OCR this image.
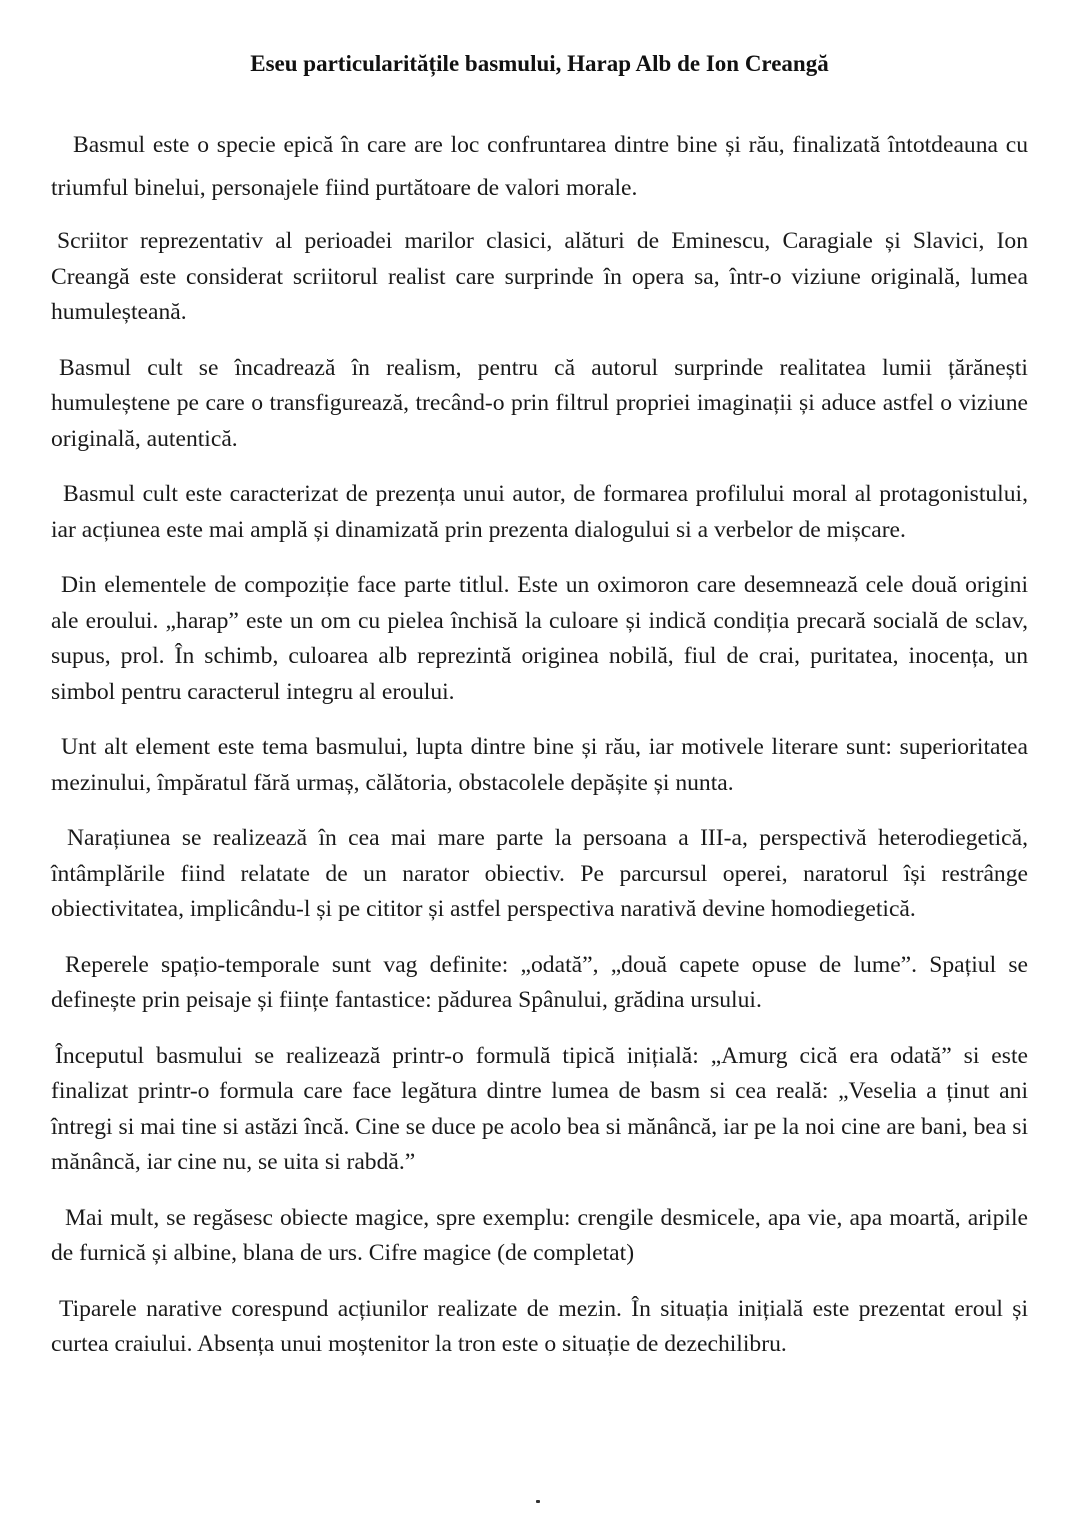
Eseu particularitățile basmului, Harap Alb de Ion Creangă

Basmul este o specie epică în care are loc confruntarea dintre bine și rău, finalizată întotdeauna cu triumful binelui, personajele fiind purtătoare de valori morale.

Scriitor reprezentativ al perioadei marilor clasici, alături de Eminescu, Caragiale și Slavici, Ion Creangă este considerat scriitorul realist care surprinde în opera sa, într-o viziune originală, lumea humuleșteană.

Basmul cult se încadrează în realism, pentru că autorul surprinde realitatea lumii țărănești humuleștene pe care o transfigurează, trecând-o prin filtrul propriei imaginații și aduce astfel o viziune originală, autentică.

Basmul cult este caracterizat de prezența unui autor, de formarea profilului moral al protagonistului, iar acțiunea este mai amplă și dinamizată prin prezenta dialogului si a verbelor de mișcare.

Din elementele de compoziție face parte titlul. Este un oximoron care desemnează cele două origini ale eroului. „harap” este un om cu pielea închisă la culoare și indică condiția precară socială de sclav, supus, prol. În schimb, culoarea alb reprezintă originea nobilă, fiul de crai, puritatea, inocența, un simbol pentru caracterul integru al eroului.

Unt alt element este tema basmului, lupta dintre bine și rău, iar motivele literare sunt: superioritatea mezinului, împăratul fără urmaș, călătoria, obstacolele depășite și nunta.

Narațiunea se realizează în cea mai mare parte la persoana a III-a, perspectivă heterodiegetică, întâmplările fiind relatate de un narator obiectiv. Pe parcursul operei, naratorul își restrânge obiectivitatea, implicându-l și pe cititor și astfel perspectiva narativă devine homodiegetică.

Reperele spațio-temporale sunt vag definite: „odată”, „două capete opuse de lume”. Spațiul se definește prin peisaje și ființe fantastice: pădurea Spânului, grădina ursului.

Începutul basmului se realizează printr-o formulă tipică inițială: „Amurg cică era odată” si este finalizat printr-o formula care face legătura dintre lumea de basm si cea reală: „Veselia a ținut ani întregi si mai tine si astăzi încă. Cine se duce pe acolo bea si mănâncă, iar pe la noi cine are bani, bea si mănâncă, iar cine nu, se uita si rabdă.”

Mai mult, se regăsesc obiecte magice, spre exemplu: crengile desmicele, apa vie, apa moartă, aripile de furnică și albine, blana de urs. Cifre magice (de completat)

Tiparele narative corespund acțiunilor realizate de mezin. În situația inițială este prezentat eroul și curtea craiului. Absența unui moștenitor la tron este o situație de dezechilibru.
